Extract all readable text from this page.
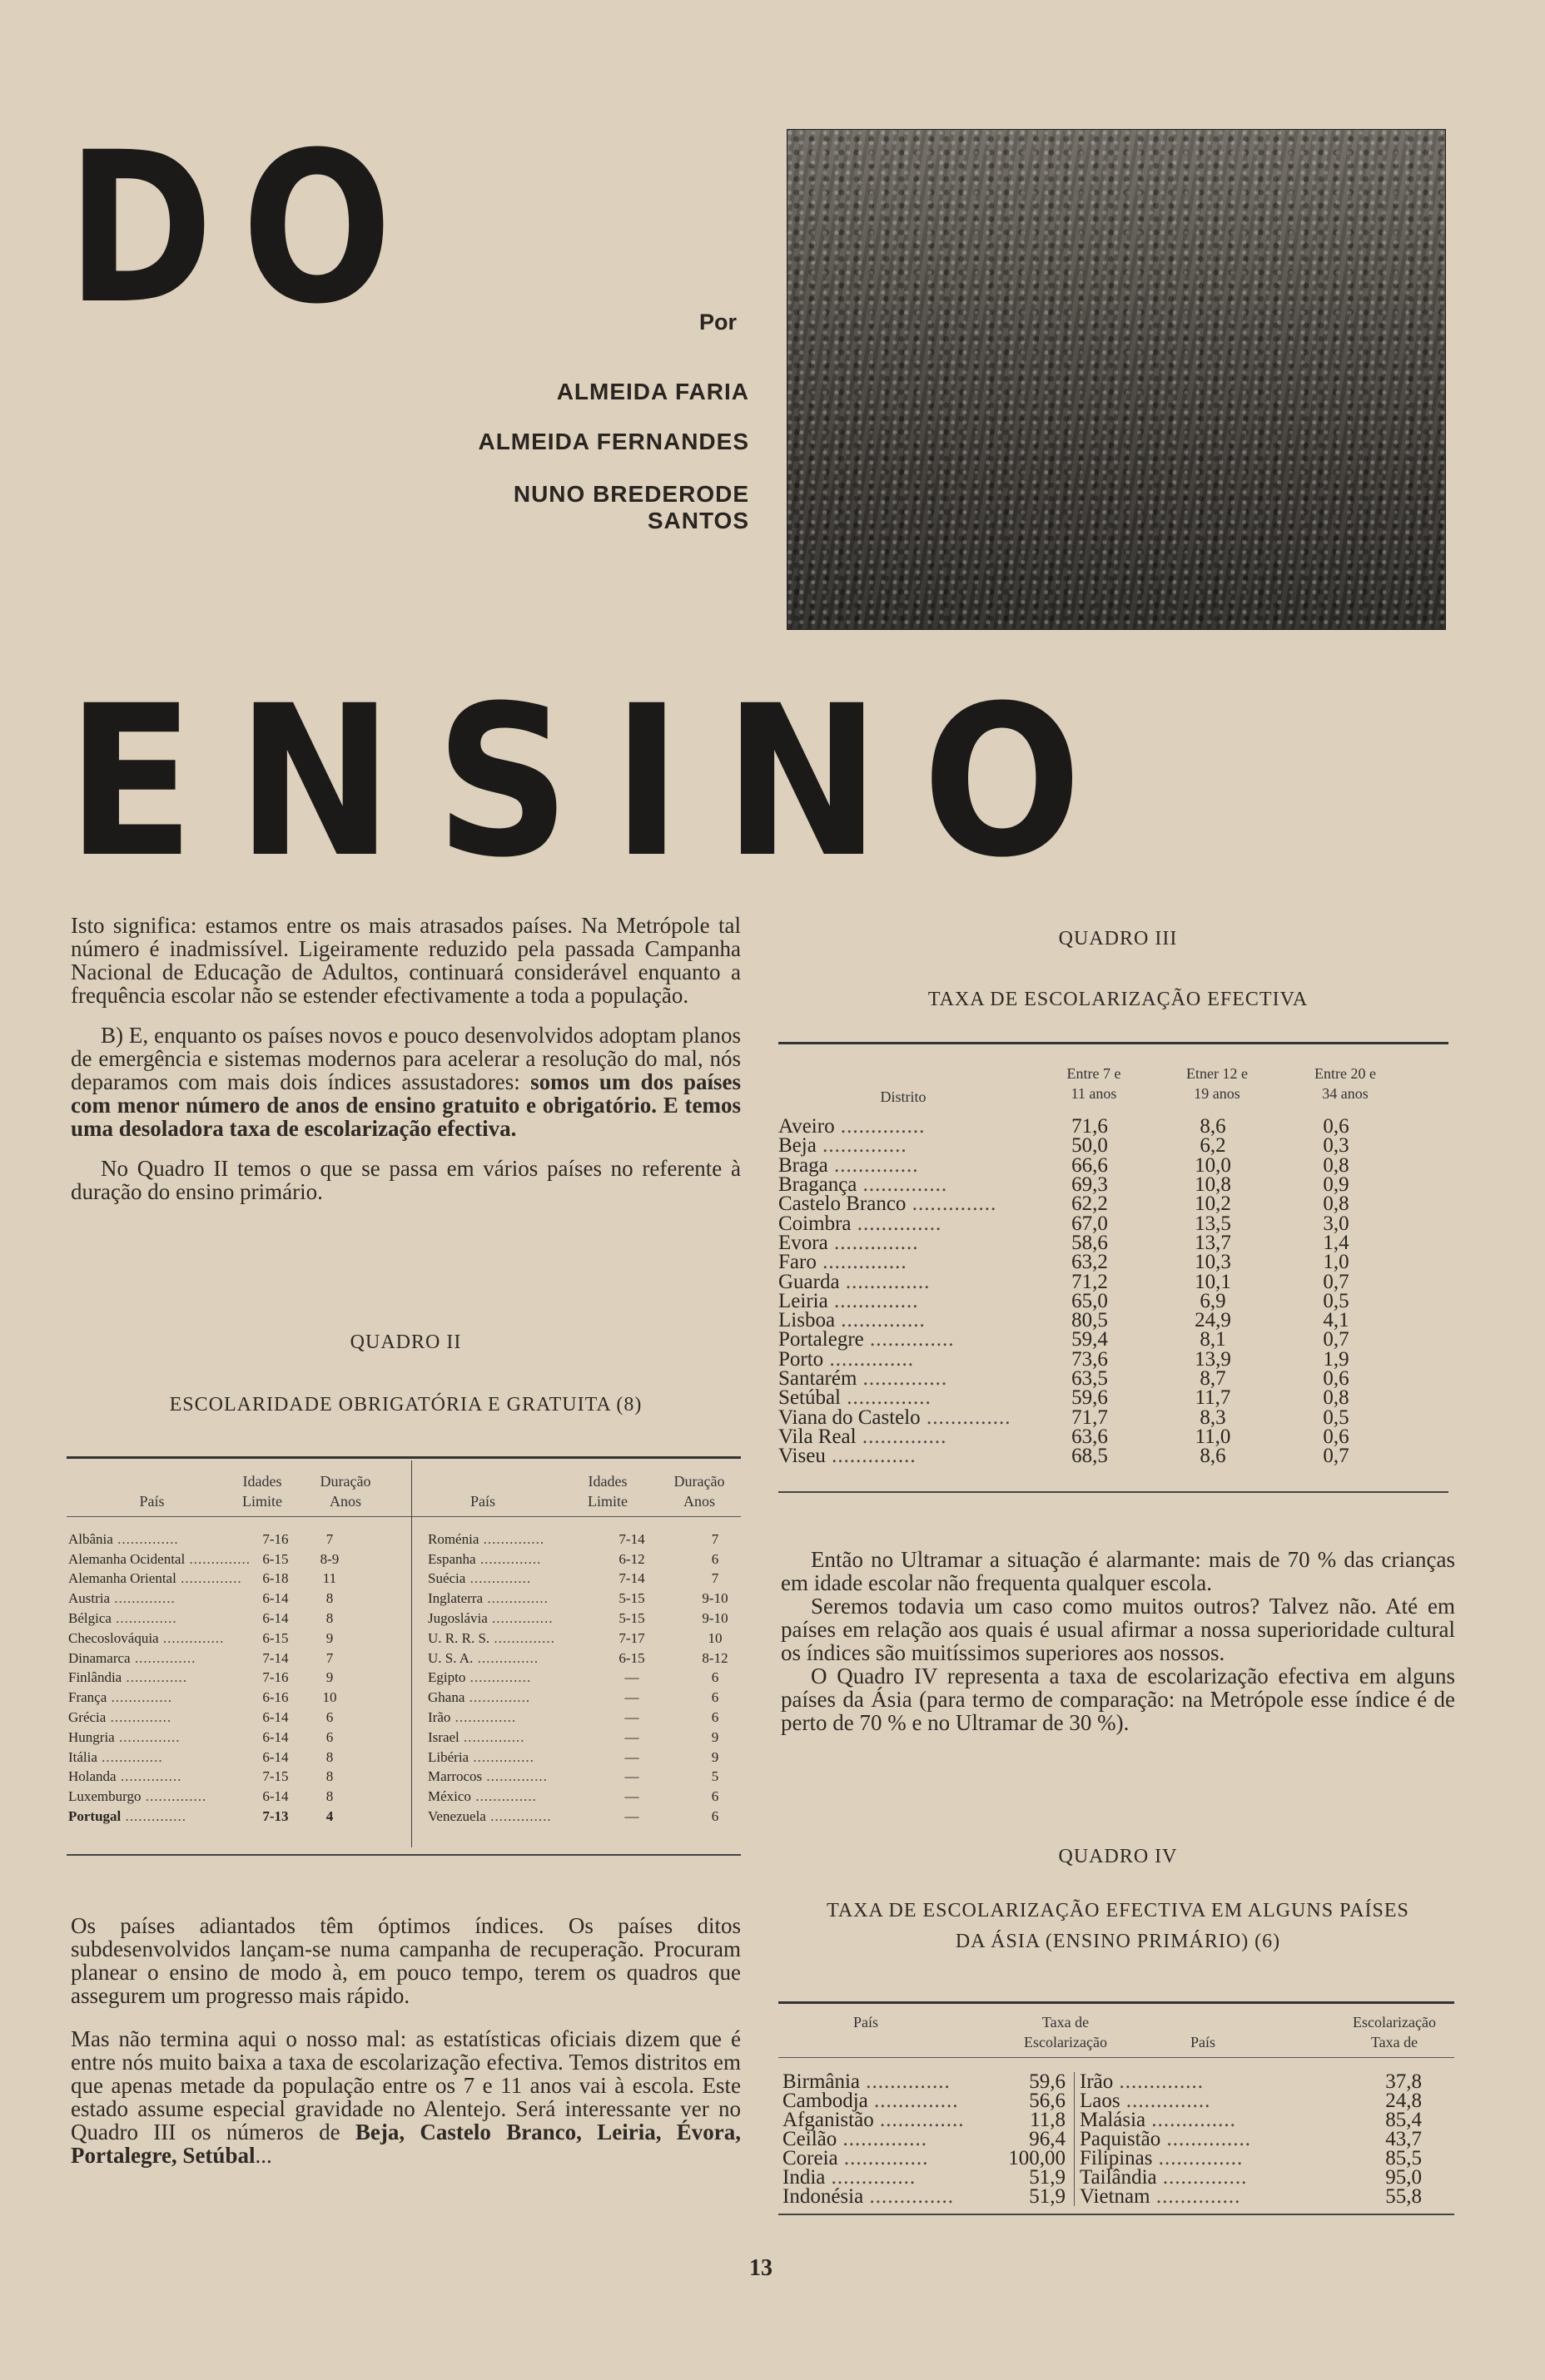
DO
ENSINO
Por
ALMEIDA FARIA
ALMEIDA FERNANDES
NUNO BREDERODE SANTOS

Isto significa: estamos entre os mais atrasados países. Na Metrópole tal número é inadmissível. Ligeiramente reduzido pela passada Campanha Nacional de Educação de Adultos, continuará considerável enquanto a frequência escolar não se estender efectivamente a toda a população.

B) E, enquanto os países novos e pouco desenvolvidos adoptam planos de emergência e sistemas modernos para acelerar a resolução do mal, nós deparamos com mais dois índices assustadores: somos um dos países com menor número de anos de ensino gratuito e obrigatório. E temos uma desoladora taxa de escolarização efectiva.

No Quadro II temos o que se passa em vários países no referente à duração do ensino primário.

QUADRO II
ESCOLARIDADE OBRIGATÓRIA E GRATUITA (8)

País
Idades
Limite
Duração
Anos	País
Idades
Limite
Duração
Anos
Albânia ..............	7-16	7
Alemanha Ocidental ..............	6-15	8-9
Alemanha Oriental ..............	6-18	11
Austria ..............	6-14	8
Bélgica ..............	6-14	8
Checoslováquia ..............	6-15	9
Dinamarca ..............	7-14	7
Finlândia ..............	7-16	9
França ..............	6-16	10
Grécia ..............	6-14	6
Hungria ..............	6-14	6
Itália ..............	6-14	8
Holanda ..............	7-15	8
Luxemburgo ..............	6-14	8
Portugal ..............	7-13	4
Roménia ..............	7-14	7
Espanha ..............	6-12	6
Suécia ..............	7-14	7
Inglaterra ..............	5-15	9-10
Jugoslávia ..............	5-15	9-10
U. R. R. S. ..............	7-17	10
U. S. A. ..............	6-15	8-12
Egipto ..............	—	6
Ghana ..............	—	6
Irão ..............	—	6
Israel ..............	—	9
Libéria ..............	—	9
Marrocos ..............	—	5
México ..............	—	6
Venezuela ..............	—	6

Os países adiantados têm óptimos índices. Os países ditos subdesenvolvidos lançam-se numa campanha de recuperação. Procuram planear o ensino de modo à, em pouco tempo, terem os quadros que assegurem um progresso mais rápido.

Mas não termina aqui o nosso mal: as estatísticas oficiais dizem que é entre nós muito baixa a taxa de escolarização efectiva. Temos distritos em que apenas metade da população entre os 7 e 11 anos vai à escola. Este estado assume especial gravidade no Alentejo. Será interessante ver no Quadro III os números de Beja, Castelo Branco, Leiria, Évora, Portalegre, Setúbal...

QUADRO III
TAXA DE ESCOLARIZAÇÃO EFECTIVA

Distrito
Entre 7 e
11 anos
Etner 12 e
19 anos
Entre 20 e
34 anos
Aveiro ..............	71,6	8,6	0,6
Beja ..............	50,0	6,2	0,3
Braga ..............	66,6	10,0	0,8
Bragança ..............	69,3	10,8	0,9
Castelo Branco ..............	62,2	10,2	0,8
Coimbra ..............	67,0	13,5	3,0
Evora ..............	58,6	13,7	1,4
Faro ..............	63,2	10,3	1,0
Guarda ..............	71,2	10,1	0,7
Leiria ..............	65,0	6,9	0,5
Lisboa ..............	80,5	24,9	4,1
Portalegre ..............	59,4	8,1	0,7
Porto ..............	73,6	13,9	1,9
Santarém ..............	63,5	8,7	0,6
Setúbal ..............	59,6	11,7	0,8
Viana do Castelo ..............	71,7	8,3	0,5
Vila Real ..............	63,6	11,0	0,6
Viseu ..............	68,5	8,6	0,7

Então no Ultramar a situação é alarmante: mais de 70 % das crianças em idade escolar não frequenta qualquer escola.

Seremos todavia um caso como muitos outros? Talvez não. Até em países em relação aos quais é usual afirmar a nossa superioridade cultural os índices são muitíssimos superiores aos nossos.

O Quadro IV representa a taxa de escolarização efectiva em alguns países da Ásia (para termo de comparação: na Metrópole esse índice é de perto de 70 % e no Ultramar de 30 %).

QUADRO IV
TAXA DE ESCOLARIZAÇÃO EFECTIVA EM ALGUNS PAÍSES
DA ÁSIA (ENSINO PRIMÁRIO) (6)
País	Taxa de
Escolarização	País
Escolarização
Taxa de
Birmânia ..............	59,6	Irão ..............	37,8
Cambodja ..............	56,6	Laos ..............	24,8
Afganistão ..............	11,8	Malásia ..............	85,4
Ceilão ..............	96,4	Paquistão ..............	43,7
Coreia ..............	100,00	Filipinas ..............	85,5
India ..............	51,9	Tailândia ..............	95,0
Indonésia ..............	51,9	Vietnam ..............	55,8
13
